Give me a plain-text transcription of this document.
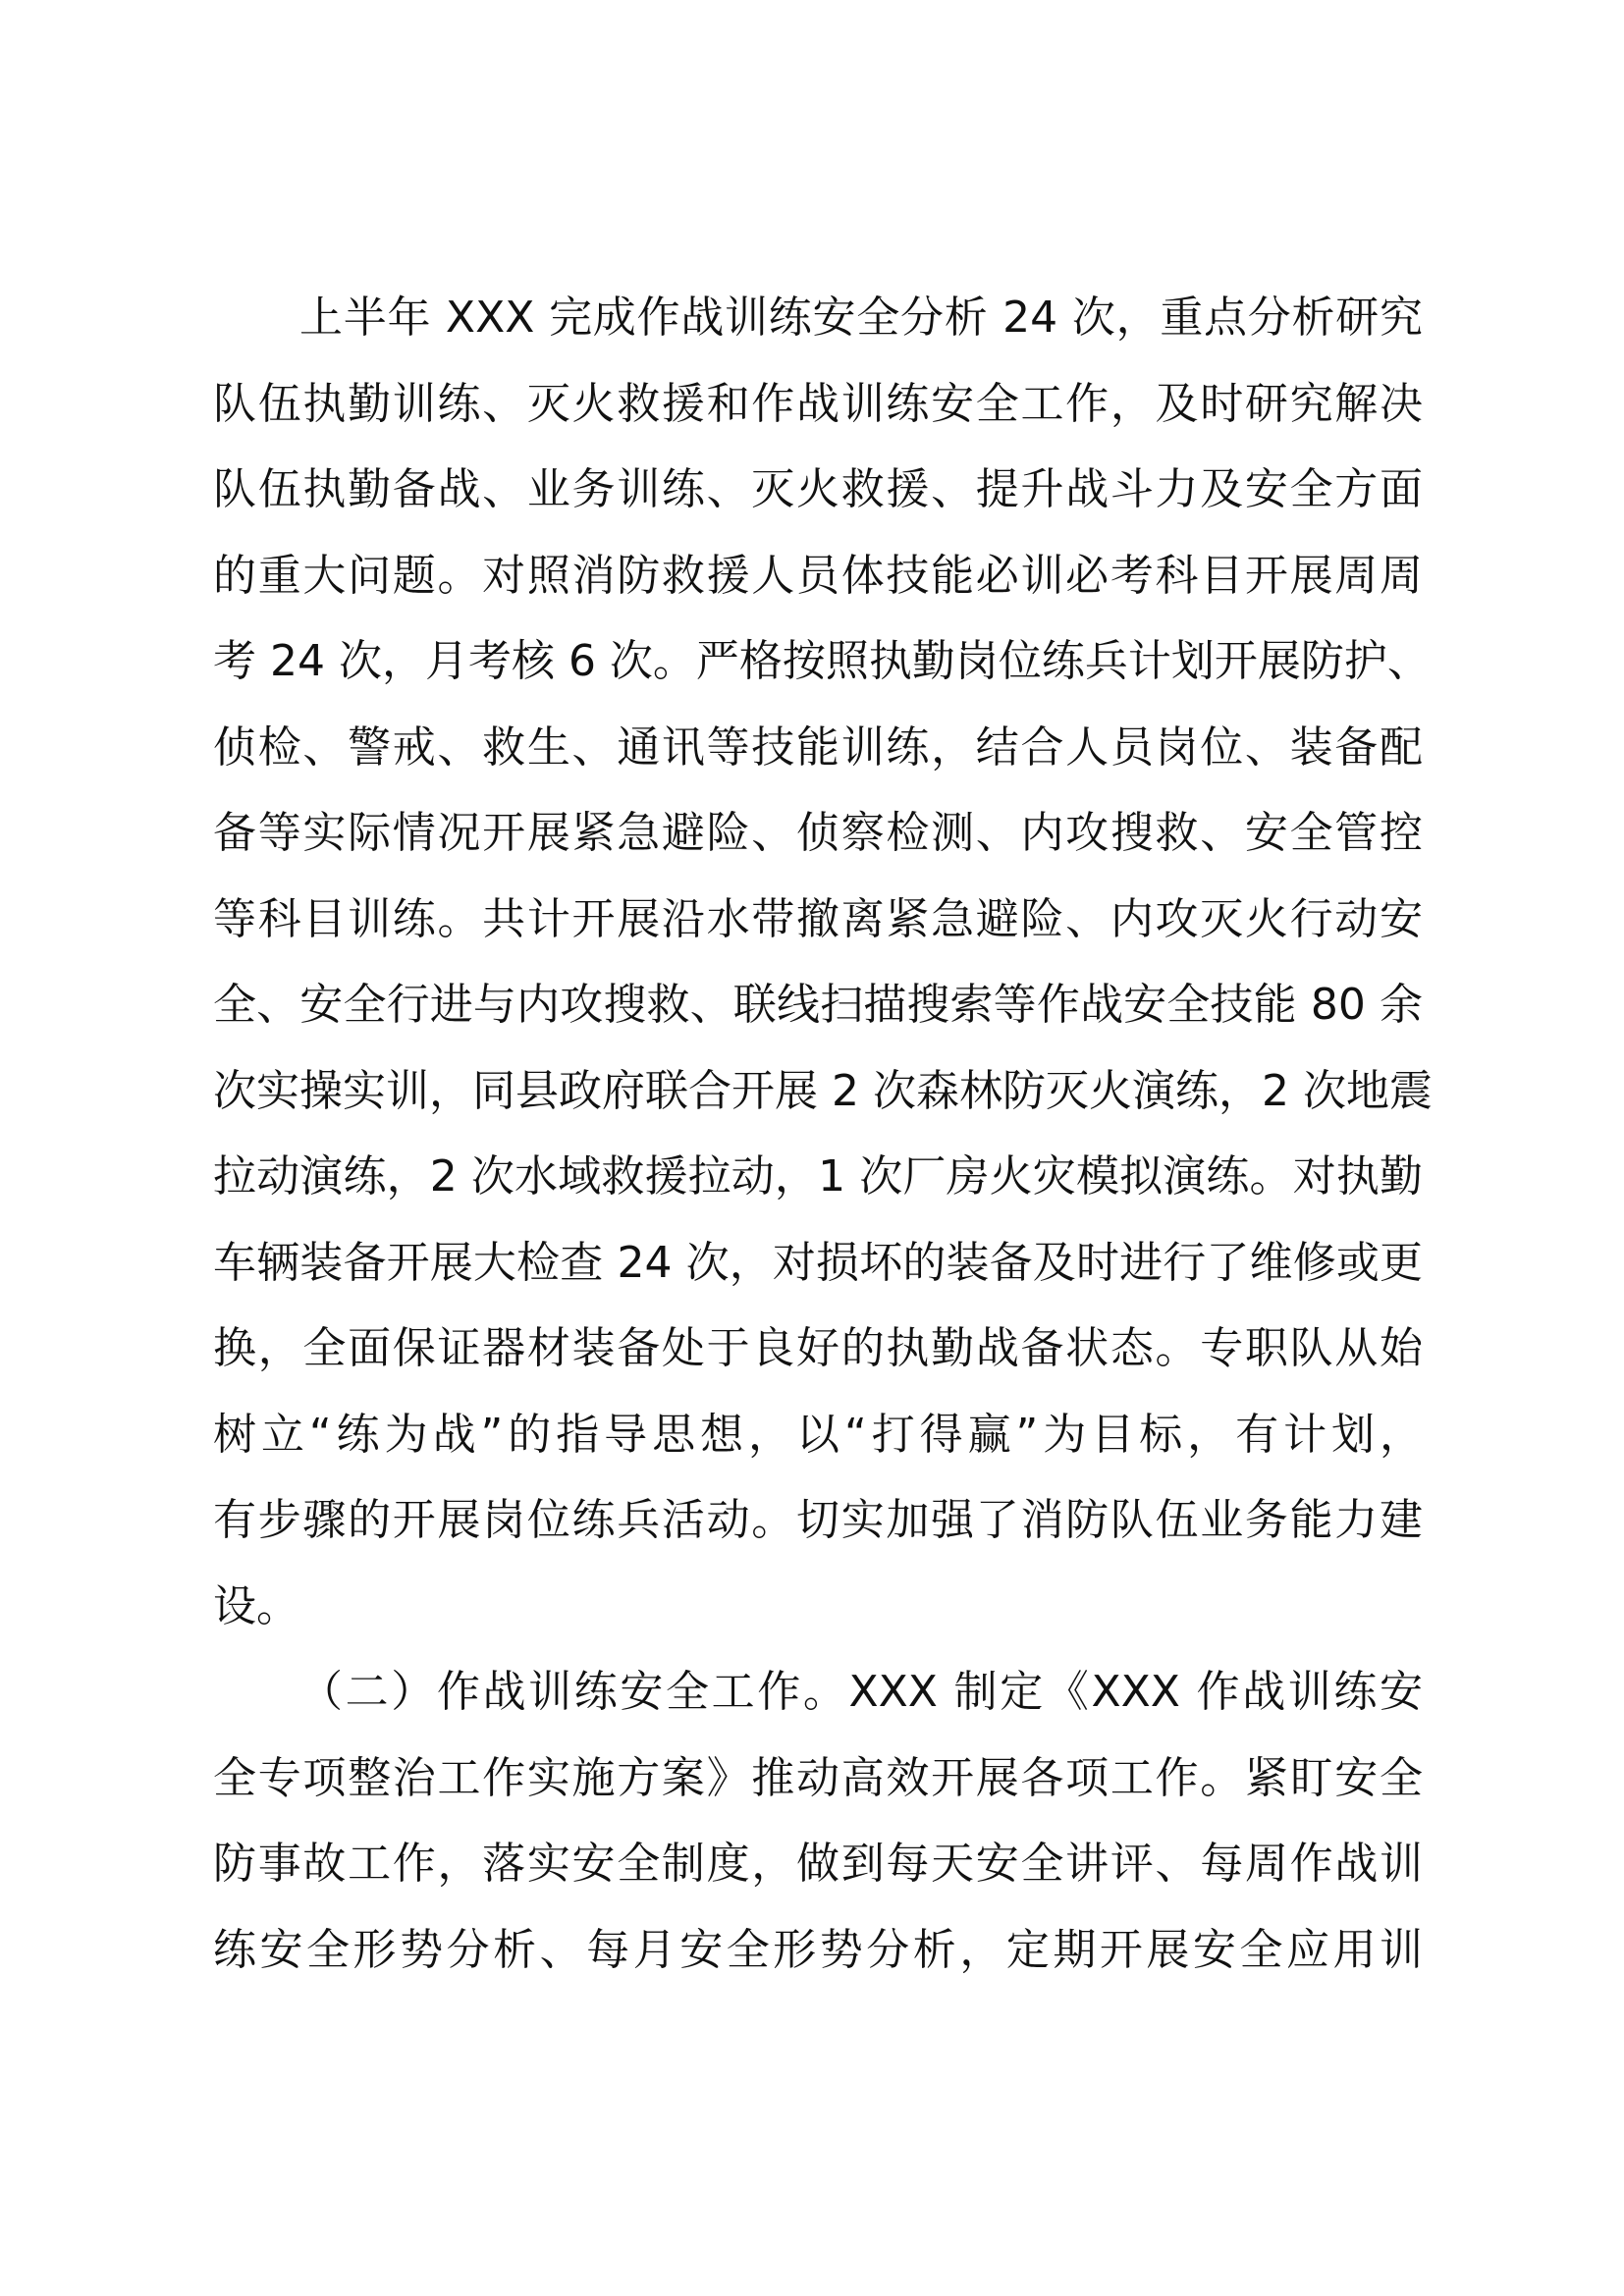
上半年 XXX 完成作战训练安全分析 24 次，重点分析研究
队伍执勤训练、灭火救援和作战训练安全工作，及时研究解决
队伍执勤备战、业务训练、灭火救援、提升战斗力及安全方面
的重大问题。对照消防救援人员体技能必训必考科目开展周周
考 24 次，月考核 6 次。严格按照执勤岗位练兵计划开展防护、
侦检、警戒、救生、通讯等技能训练，结合人员岗位、装备配
备等实际情况开展紧急避险、侦察检测、内攻搜救、安全管控
等科目训练。共计开展沿水带撤离紧急避险、内攻灭火行动安
全、安全行进与内攻搜救、联线扫描搜索等作战安全技能 80 余
次实操实训，同县政府联合开展 2 次森林防灭火演练，2 次地震
拉动演练，2 次水域救援拉动，1 次厂房火灾模拟演练。对执勤
车辆装备开展大检查 24 次，对损坏的装备及时进行了维修或更
换，全面保证器材装备处于良好的执勤战备状态。专职队从始
树立“练为战”的指导思想，以“打得赢”为目标，有计划，
有步骤的开展岗位练兵活动。切实加强了消防队伍业务能力建
设。
（二）作战训练安全工作。XXX 制定《XXX 作战训练安
全专项整治工作实施方案》推动高效开展各项工作。紧盯安全
防事故工作，落实安全制度，做到每天安全讲评、每周作战训
练安全形势分析、每月安全形势分析，定期开展安全应用训
